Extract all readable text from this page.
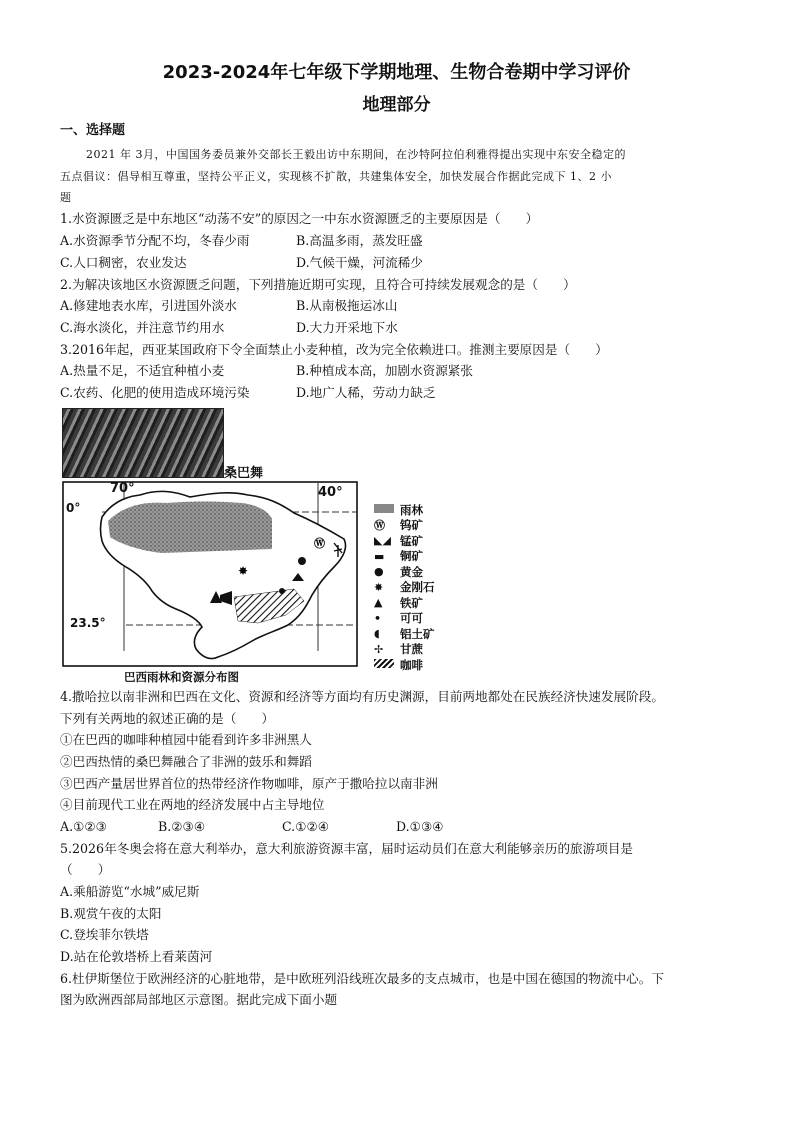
2023-2024年七年级下学期地理、生物合卷期中学习评价
地理部分
一、选择题
2021 年 3月，中国国务委员兼外交部长王毅出访中东期间，在沙特阿拉伯利雅得提出实现中东安全稳定的
五点倡议：倡导相互尊重，坚持公平正义，实现核不扩散，共建集体安全，加快发展合作据此完成下 1、2 小
题
1.水资源匮乏是中东地区“动荡不安”的原因之一中东水资源匮乏的主要原因是（　　）
A.水资源季节分配不均，冬春少雨	B.高温多雨，蒸发旺盛
C.人口稠密，农业发达	D.气候干燥，河流稀少
2.为解决该地区水资源匮乏问题，下列措施近期可实现，且符合可持续发展观念的是（　　）
A.修建地表水库，引进国外淡水	B.从南极拖运冰山
C.海水淡化，并注意节约用水	D.大力开采地下水
3.2016年起，西亚某国政府下令全面禁止小麦种植，改为完全依赖进口。推测主要原因是（　　）
A.热量不足，不适宜种植小麦	B.种植成本高，加剧水资源紧张
C.农药、化肥的使用造成环境污染	D.地广人稀，劳动力缺乏
桑巴舞
Ⓦ
✸
70°	40°
0°
23.5°
巴西雨林和资源分布图
雨林
Ⓦ	钨矿
◣◢ 锰矿
▬	铜矿
●	黄金
✸	金刚石
▲	铁矿
•	可可
◖	铝土矿
✢	甘蔗
咖啡
4.撒哈拉以南非洲和巴西在文化、资源和经济等方面均有历史渊源，目前两地都处在民族经济快速发展阶段。
下列有关两地的叙述正确的是（　　）
①在巴西的咖啡种植园中能看到许多非洲黑人
②巴西热情的桑巴舞融合了非洲的鼓乐和舞蹈
③巴西产量居世界首位的热带经济作物咖啡，原产于撒哈拉以南非洲
④目前现代工业在两地的经济发展中占主导地位
A.①②③	B.②③④	C.①②④	D.①③④
5.2026年冬奥会将在意大利举办，意大利旅游资源丰富，届时运动员们在意大利能够亲历的旅游项目是
（　　）
A.乘船游览“水城”威尼斯
B.观赏午夜的太阳
C.登埃菲尔铁塔
D.站在伦敦塔桥上看莱茵河
6.杜伊斯堡位于欧洲经济的心脏地带，是中欧班列沿线班次最多的支点城市，也是中国在德国的物流中心。下
图为欧洲西部局部地区示意图。据此完成下面小题
